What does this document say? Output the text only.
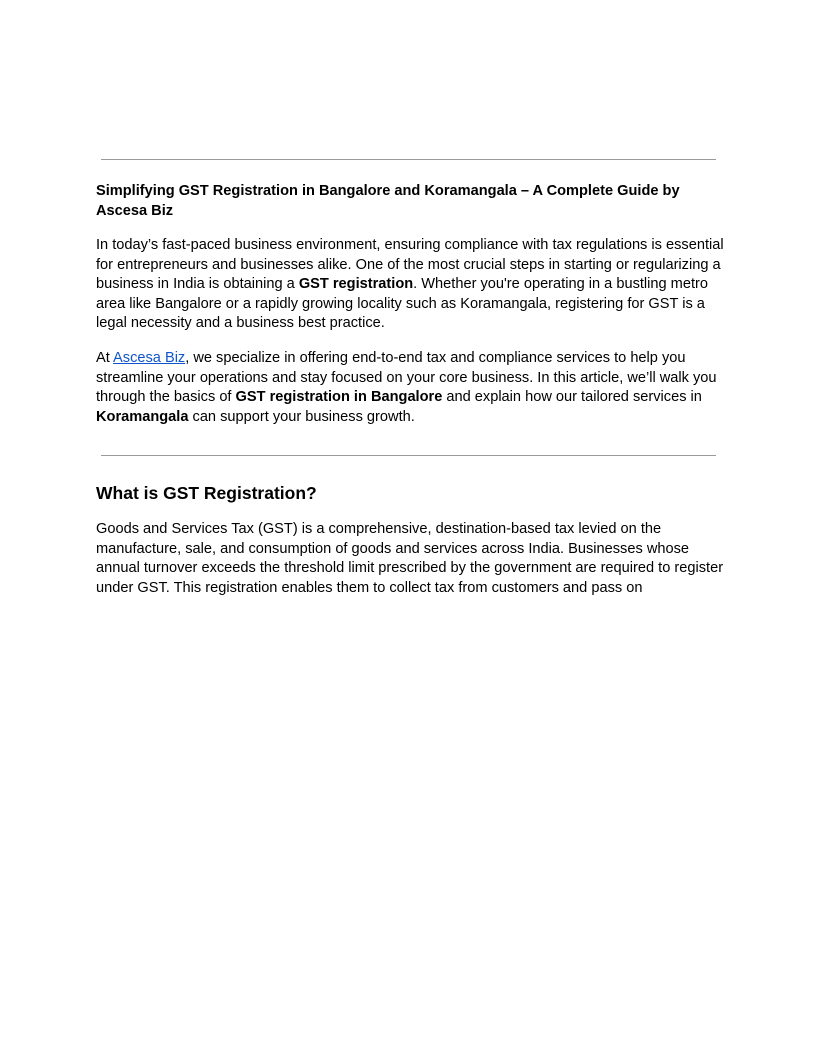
Simplifying GST Registration in Bangalore and Koramangala – A Complete Guide by Ascesa Biz

In today’s fast-paced business environment, ensuring compliance with tax regulations is essential for entrepreneurs and businesses alike. One of the most crucial steps in starting or regularizing a business in India is obtaining a GST registration. Whether you're operating in a bustling metro area like Bangalore or a rapidly growing locality such as Koramangala, registering for GST is a legal necessity and a business best practice.

At Ascesa Biz, we specialize in offering end-to-end tax and compliance services to help you streamline your operations and stay focused on your core business. In this article, we’ll walk you through the basics of GST registration in Bangalore and explain how our tailored services in Koramangala can support your business growth.

What is GST Registration?

Goods and Services Tax (GST) is a comprehensive, destination-based tax levied on the manufacture, sale, and consumption of goods and services across India. Businesses whose annual turnover exceeds the threshold limit prescribed by the government are required to register under GST. This registration enables them to collect tax from customers and pass on
